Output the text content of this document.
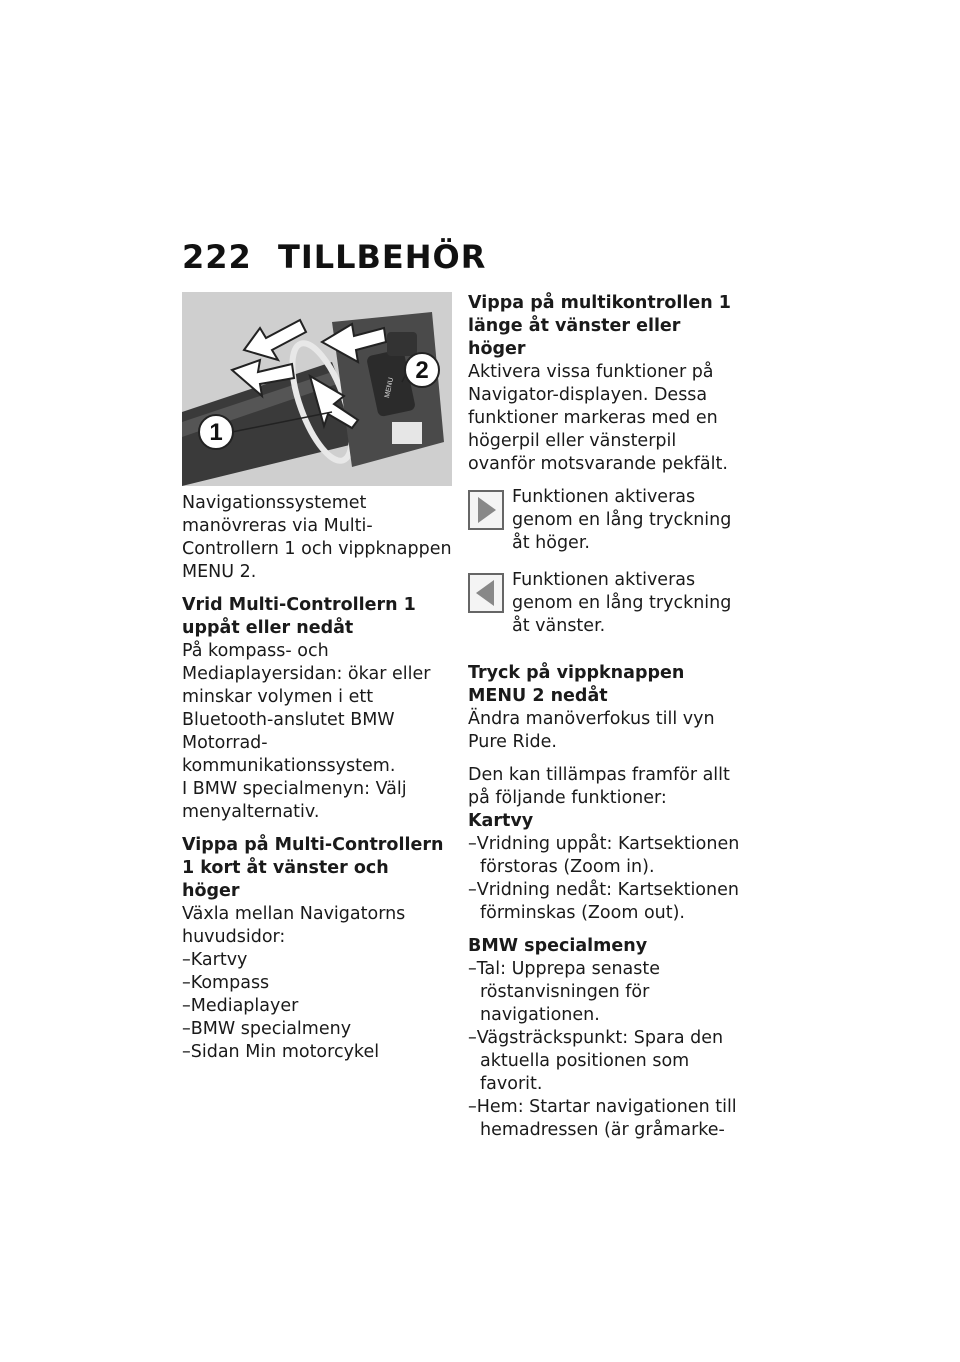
222 TILLBEHÖR
1
2
MENU

Navigationssystemet manövreras via Multi-Controllern 1 och vippknappen MENU 2.

Vrid Multi-Controllern 1 uppåt eller nedåt

På kompass- och Mediaplayersidan: ökar eller minskar volymen i ett Bluetooth-anslutet BMW Motorrad-kommunikationssystem.

I BMW specialmenyn: Välj menyalternativ.

Vippa på Multi-Controllern 1 kort åt vänster och höger

Växla mellan Navigatorns huvudsidor:

–Kartvy
–Kompass
–Mediaplayer
–BMW specialmeny
–Sidan Min motorcykel
Vippa på multikontrollen 1 länge åt vänster eller höger

Aktivera vissa funktioner på Navigator-displayen. Dessa funktioner markeras med en högerpil eller vänsterpil ovanför motsvarande pekfält.

Funktionen aktiveras genom en lång tryckning åt höger.
Funktionen aktiveras genom en lång tryckning åt vänster.
Tryck på vippknappen MENU 2 nedåt

Ändra manöverfokus till vyn Pure Ride.

Den kan tillämpas framför allt på följande funktioner:

Kartvy
–Vridning uppåt: Kartsektionen förstoras (Zoom in).
–Vridning nedåt: Kartsektionen förminskas (Zoom out).
BMW specialmeny
–Tal: Upprepa senaste röstanvisningen för navigationen.
–Vägsträckspunkt: Spara den aktuella positionen som favorit.
–Hem: Startar navigationen till hemadressen (är gråmarke-
